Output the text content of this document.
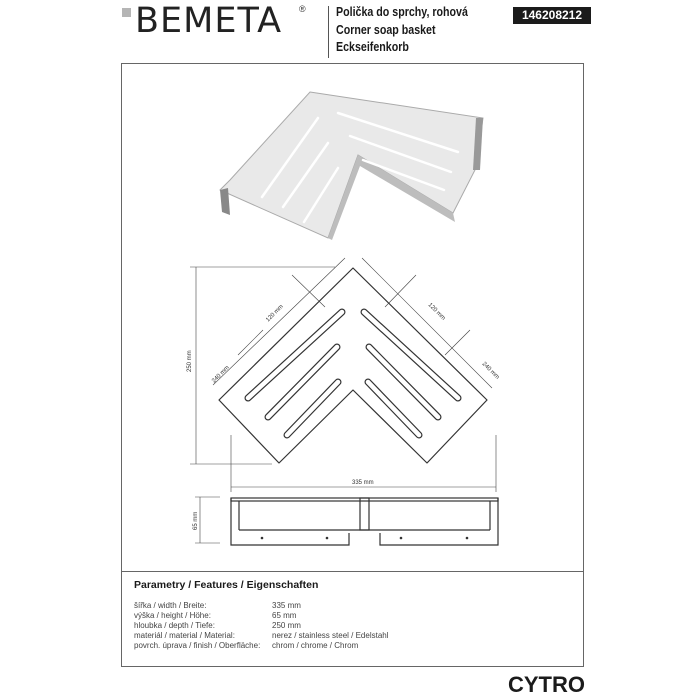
BEMETA ® Polička do sprchy, rohová
Corner soap basket
Eckseifenkorb
146208212
120 mm	120 mm
240 mm	240 mm
250 mm
335 mm
65 mm
Parametry / Features / Eigenschaften
šířka / width / Breite:	335 mm
výška / height / Höhe:	65 mm
hloubka / depth / Tiefe:	250 mm
materiál / material / Material:	nerez / stainless steel / Edelstahl
povrch. úprava / finish / Oberfläche: chrom / chrome / Chrom
CYTRO
